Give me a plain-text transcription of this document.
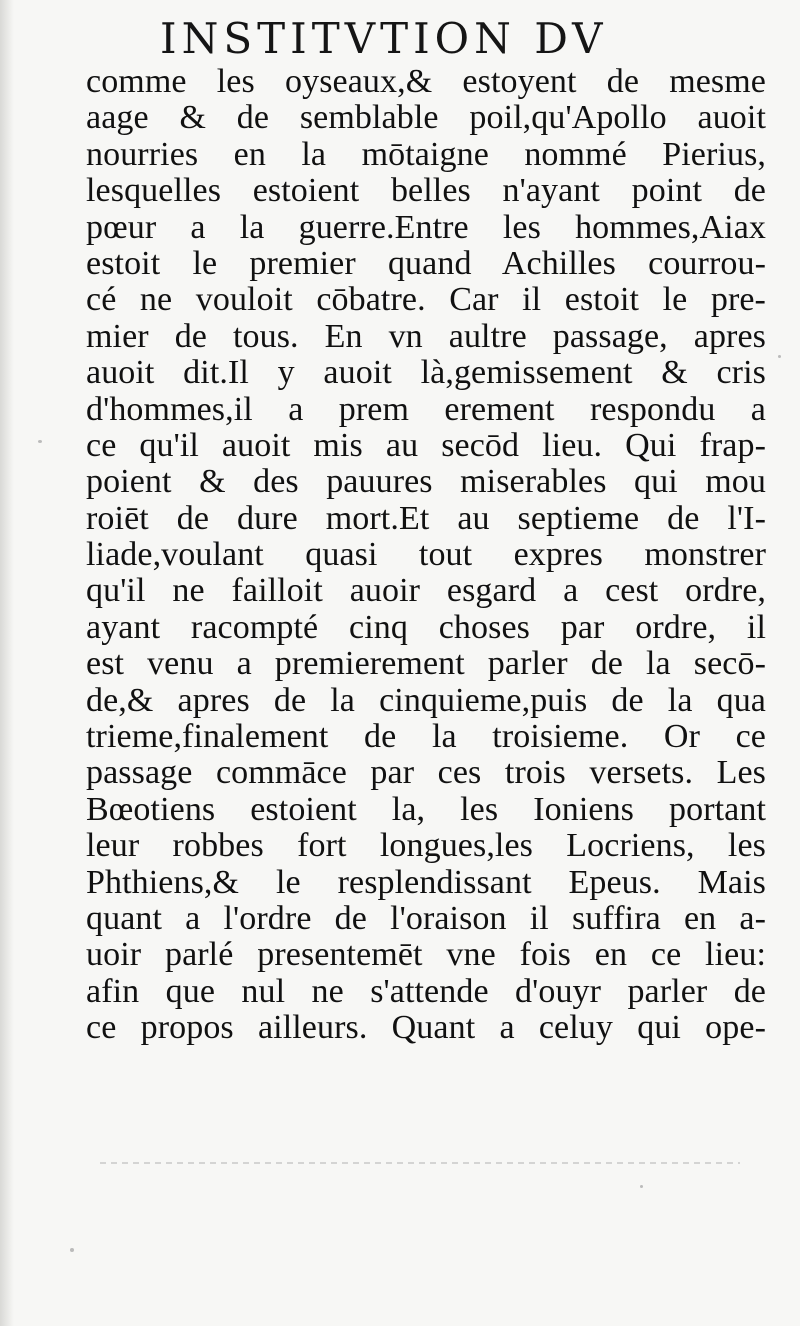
INSTITVTION DV
comme les oyseaux,& estoyent de mesme
aage & de semblable poil,qu'Apollo auoit
nourries en la mōtaigne nommé Pierius,
lesquelles estoient belles n'ayant point de
pœur a la guerre.Entre les hommes,Aiax
estoit le premier quand Achilles courrou-
cé ne vouloit cōbatre. Car il estoit le pre-
mier de tous. En vn aultre passage, apres
auoit dit.Il y auoit là,gemissement & cris
d'hommes,il a prem erement respondu a
ce qu'il auoit mis au secōd lieu. Qui frap-
poient & des pauures miserables qui mou
roiēt de dure mort.Et au septieme de l'I-
liade,voulant quasi tout expres monstrer
qu'il ne failloit auoir esgard a cest ordre,
ayant racompté cinq choses par ordre, il
est venu a premierement parler de la secō-
de,& apres de la cinquieme,puis de la qua
trieme,finalement de la troisieme. Or ce
passage commāce par ces trois versets. Les
Bœotiens estoient la, les Ioniens portant
leur robbes fort longues,les Locriens, les
Phthiens,& le resplendissant Epeus. Mais
quant a l'ordre de l'oraison il suffira en a-
uoir parlé presentemēt vne fois en ce lieu:
afin que nul ne s'attende d'ouyr parler de
ce propos ailleurs. Quant a celuy qui ope-
